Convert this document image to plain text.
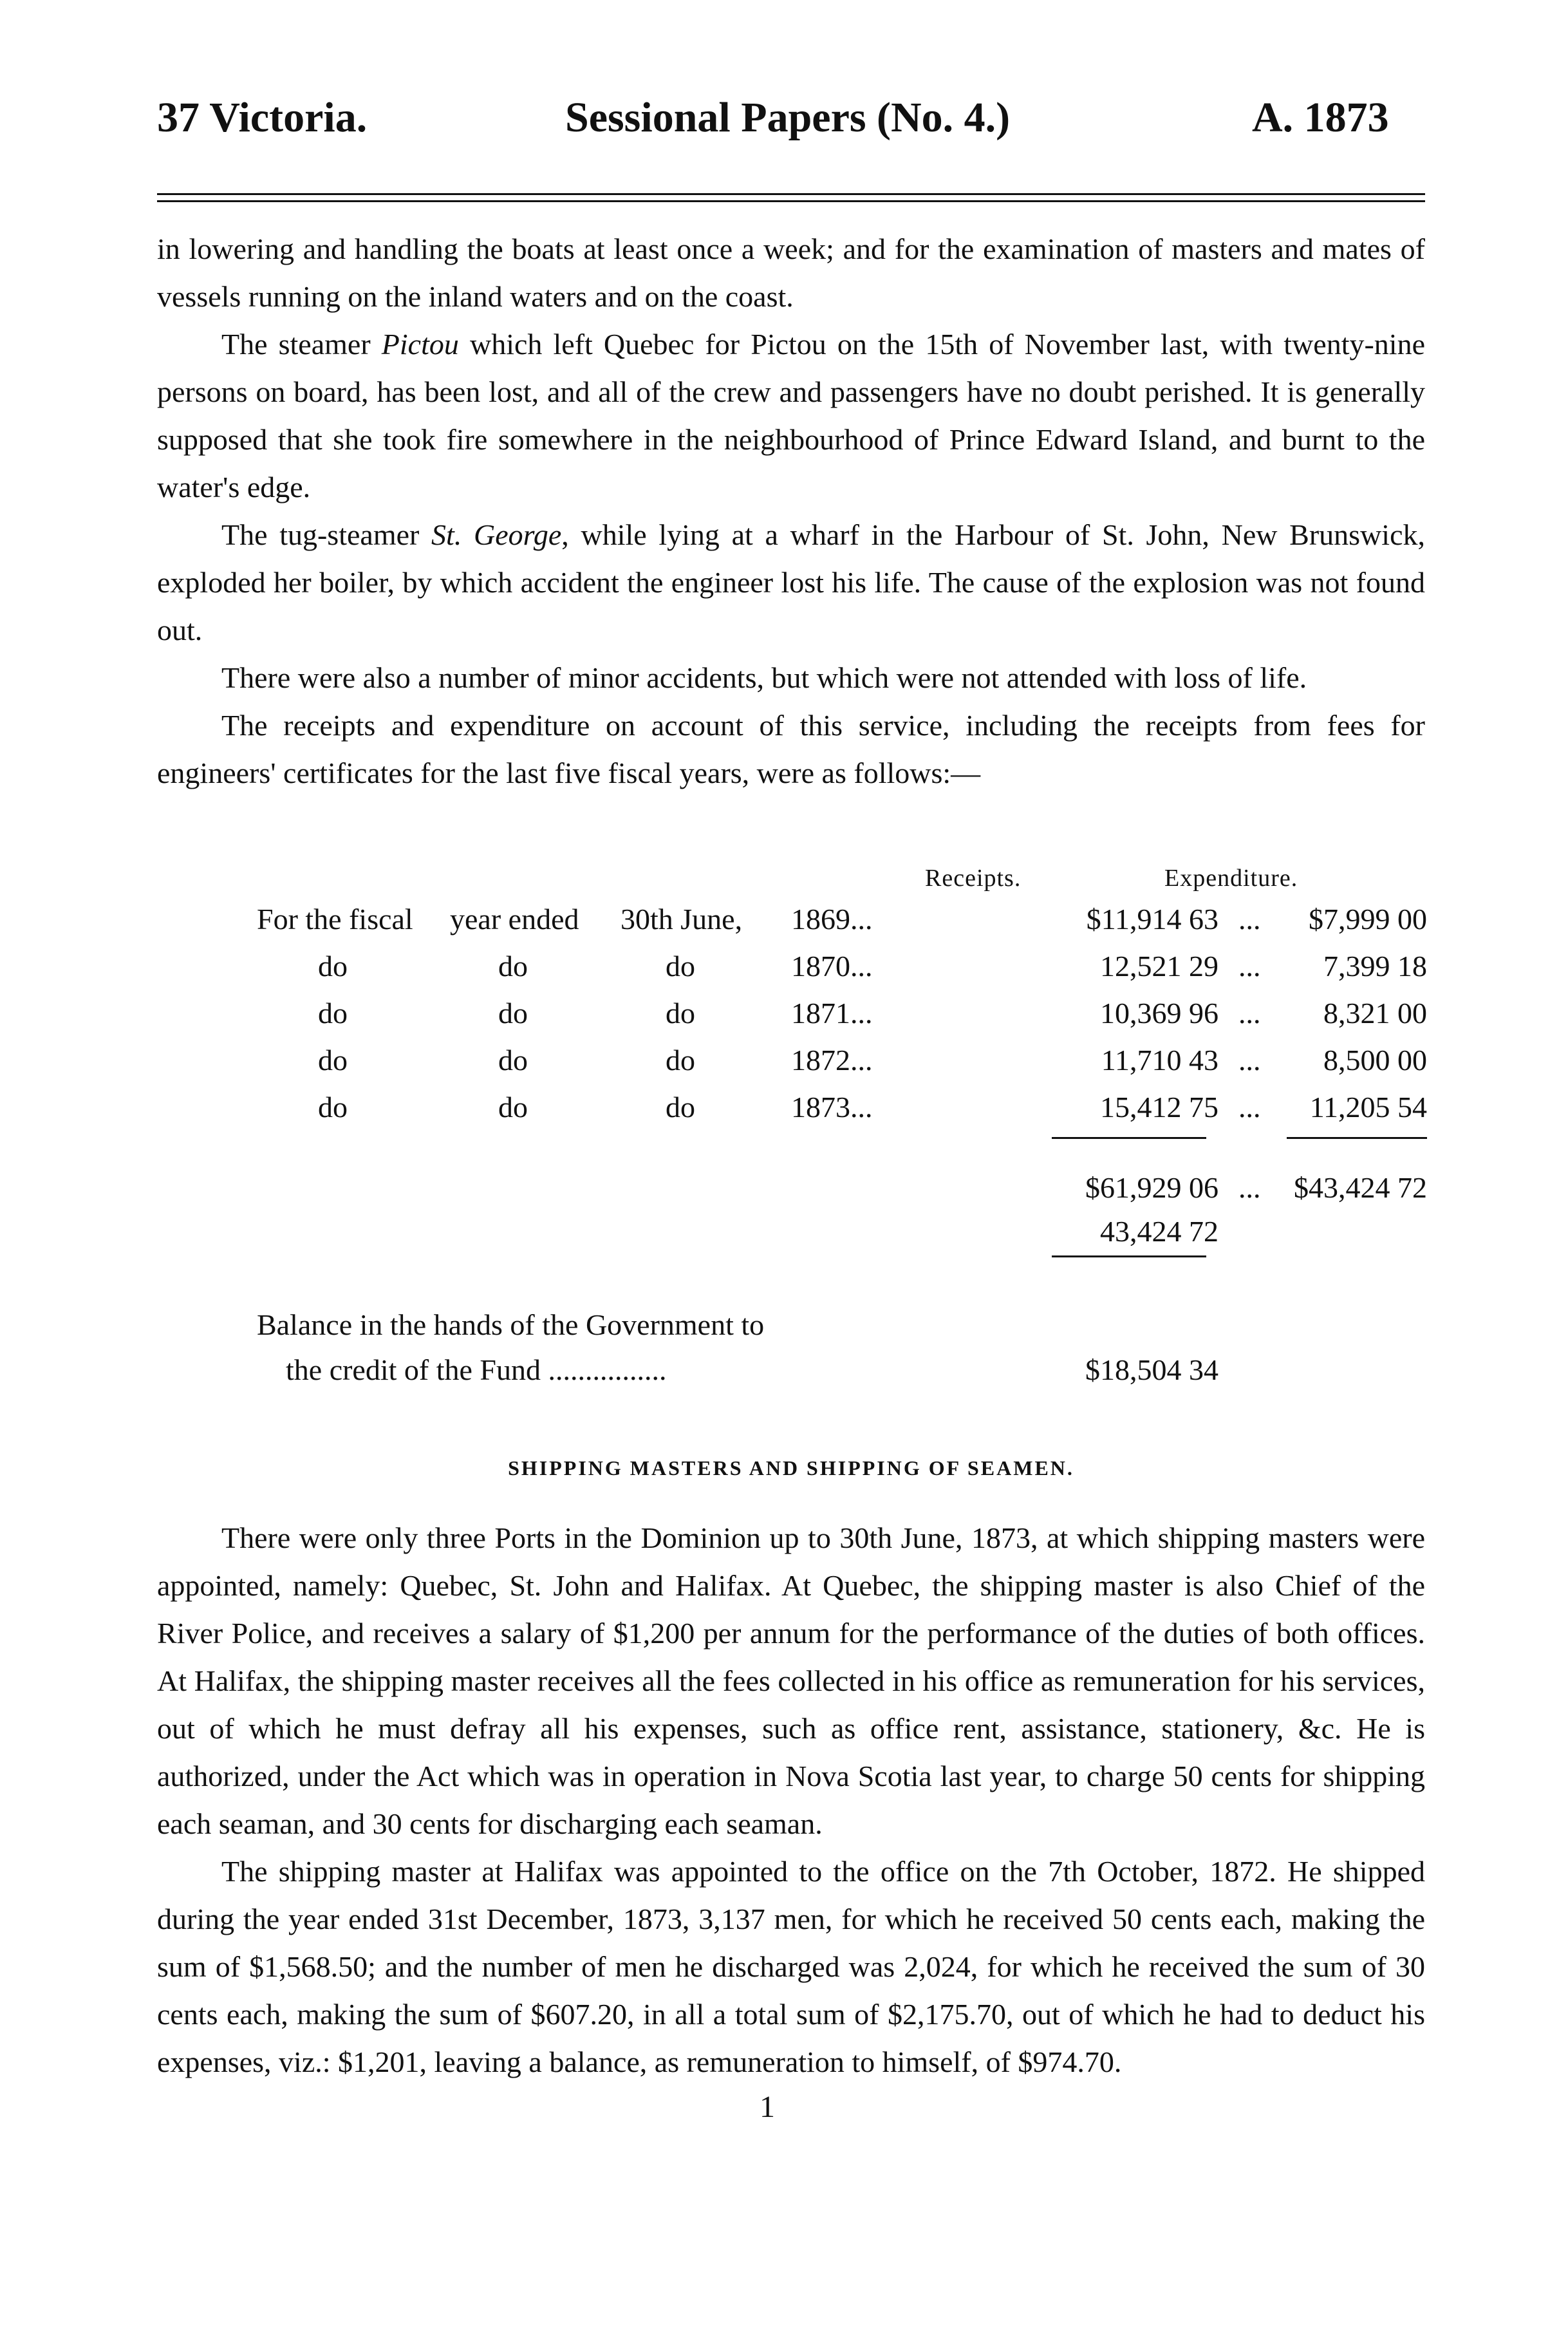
37 Victoria.	Sessional Papers (No. 4.)	A. 1873

in lowering and handling the boats at least once a week; and for the examination of masters and mates of vessels running on the inland waters and on the coast.

The steamer Pictou which left Quebec for Pictou on the 15th of November last, with twenty-nine persons on board, has been lost, and all of the crew and passengers have no doubt perished. It is generally supposed that she took fire somewhere in the neighbourhood of Prince Edward Island, and burnt to the water's edge.

The tug-steamer St. George, while lying at a wharf in the Harbour of St. John, New Brunswick, exploded her boiler, by which accident the engineer lost his life. The cause of the explosion was not found out.

There were also a number of minor accidents, but which were not attended with loss of life.

The receipts and expenditure on account of this service, including the receipts from fees for engineers' certificates for the last five fiscal years, were as follows:—

Receipts.	Expenditure.
For the fiscal year ended 30th June, 1869...	$11,914 63 ... $7,999 00
do	do	do	1870...	12,521 29 ... 7,399 18
do	do	do	1871...	10,369 96 ... 8,321 00
do	do	do	1872...	11,710 43 ... 8,500 00
do	do	do	1873...	15,412 75 ... 11,205 54
$61,929 06 ... $43,424 72
43,424 72
Balance in the hands of the Government to
the credit of the Fund ................	$18,504 34
SHIPPING MASTERS AND SHIPPING OF SEAMEN.

There were only three Ports in the Dominion up to 30th June, 1873, at which shipping masters were appointed, namely: Quebec, St. John and Halifax. At Quebec, the shipping master is also Chief of the River Police, and receives a salary of $1,200 per annum for the performance of the duties of both offices. At Halifax, the shipping master receives all the fees collected in his office as remuneration for his services, out of which he must defray all his expenses, such as office rent, assistance, stationery, &c. He is authorized, under the Act which was in operation in Nova Scotia last year, to charge 50 cents for shipping each seaman, and 30 cents for discharging each seaman.

The shipping master at Halifax was appointed to the office on the 7th October, 1872. He shipped during the year ended 31st December, 1873, 3,137 men, for which he received 50 cents each, making the sum of $1,568.50; and the number of men he discharged was 2,024, for which he received the sum of 30 cents each, making the sum of $607.20, in all a total sum of $2,175.70, out of which he had to deduct his expenses, viz.: $1,201, leaving a balance, as remuneration to himself, of $974.70.

1
